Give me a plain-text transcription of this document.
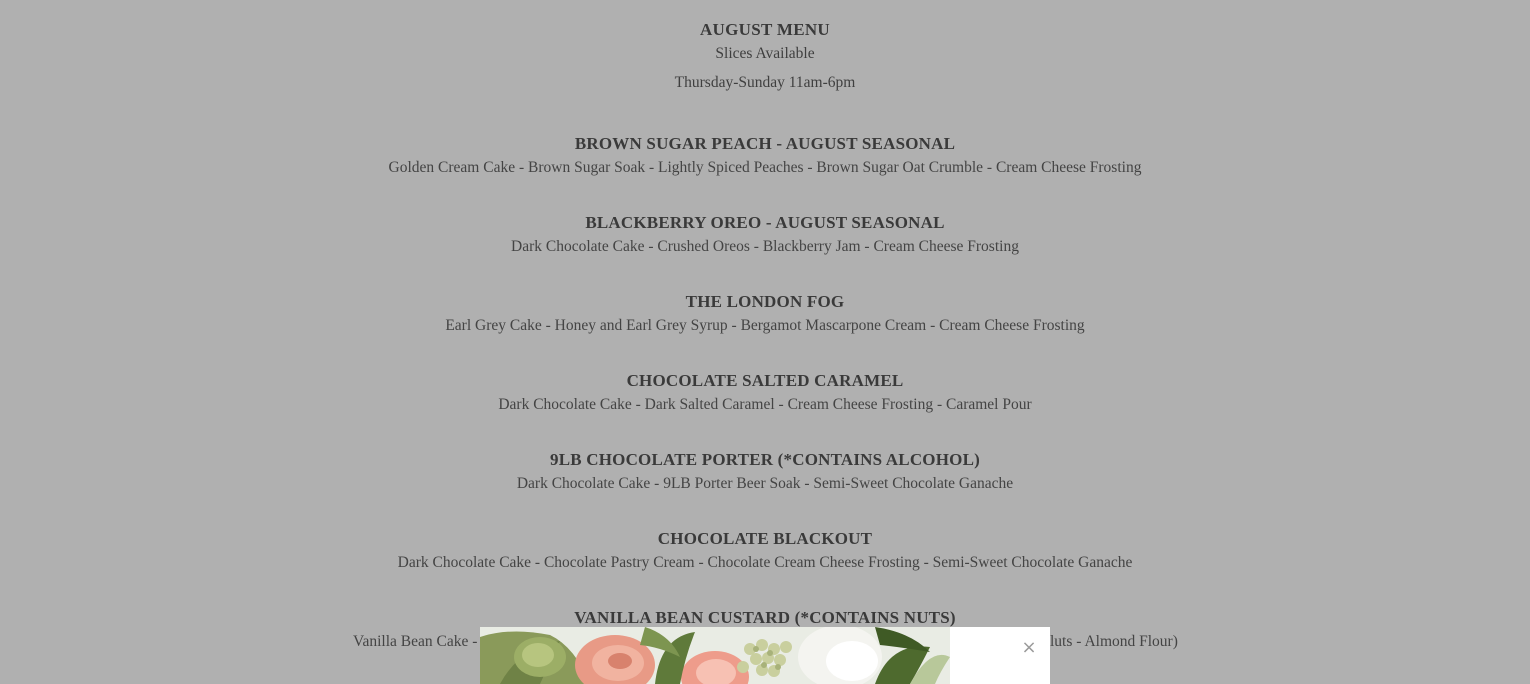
AUGUST MENU
Slices Available
Thursday-Sunday 11am-6pm
BROWN SUGAR PEACH - AUGUST SEASONAL
Golden Cream Cake - Brown Sugar Soak - Lightly Spiced Peaches - Brown Sugar Oat Crumble - Cream Cheese Frosting
BLACKBERRY OREO - AUGUST SEASONAL
Dark Chocolate Cake - Crushed Oreos - Blackberry Jam - Cream Cheese Frosting
THE LONDON FOG
Earl Grey Cake - Honey and Earl Grey Syrup - Bergamot Mascarpone Cream - Cream Cheese Frosting
CHOCOLATE SALTED CARAMEL
Dark Chocolate Cake - Dark Salted Caramel - Cream Cheese Frosting - Caramel Pour
9LB CHOCOLATE PORTER (*CONTAINS ALCOHOL)
Dark Chocolate Cake - 9LB Porter Beer Soak - Semi-Sweet Chocolate Ganache
CHOCOLATE BLACKOUT
Dark Chocolate Cake - Chocolate Pastry Cream - Chocolate Cream Cheese Frosting - Semi-Sweet Chocolate Ganache
VANILLA BEAN CUSTARD (*CONTAINS NUTS)
Vanilla Bean Cake -	luts - Almond Flour)
×
